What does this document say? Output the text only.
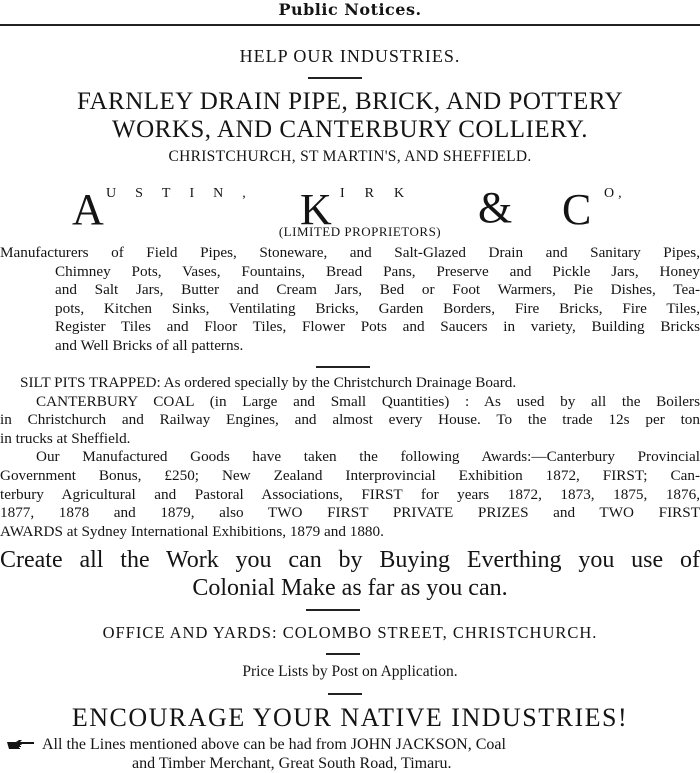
Public Notices.
HELP OUR INDUSTRIES.
FARNLEY DRAIN PIPE, BRICK, AND POTTERY
WORKS, AND CANTERBURY COLLIERY.
CHRISTCHURCH, ST MARTIN'S, AND SHEFFIELD.
A USTIN, K IRK & C O,
(LIMITED PROPRIETORS)
Manufacturers of Field Pipes, Stoneware, and Salt-Glazed Drain and Sanitary Pipes,
Chimney Pots, Vases, Fountains, Bread Pans, Preserve and Pickle Jars, Honey
and Salt Jars, Butter and Cream Jars, Bed or Foot Warmers, Pie Dishes, Tea-
pots, Kitchen Sinks, Ventilating Bricks, Garden Borders, Fire Bricks, Fire Tiles,
Register Tiles and Floor Tiles, Flower Pots and Saucers in variety, Building Bricks
and Well Bricks of all patterns.
SILT PITS TRAPPED: As ordered specially by the Christchurch Drainage Board.
CANTERBURY COAL (in Large and Small Quantities) : As used by all the Boilers
in Christchurch and Railway Engines, and almost every House. To the trade 12s per ton
in trucks at Sheffield.
Our Manufactured Goods have taken the following Awards:—Canterbury Provincial
Government Bonus, £250; New Zealand Interprovincial Exhibition 1872, FIRST; Can-
terbury Agricultural and Pastoral Associations, FIRST for years 1872, 1873, 1875, 1876,
1877, 1878 and 1879, also TWO FIRST PRIVATE PRIZES and TWO FIRST
AWARDS at Sydney International Exhibitions, 1879 and 1880.
Create all the Work you can by Buying Everthing you use of
Colonial Make as far as you can.
OFFICE AND YARDS: COLOMBO STREET, CHRISTCHURCH.
Price Lists by Post on Application.
ENCOURAGE YOUR NATIVE INDUSTRIES!
All the Lines mentioned above can be had from JOHN JACKSON, Coal
and Timber Merchant, Great South Road, Timaru.
